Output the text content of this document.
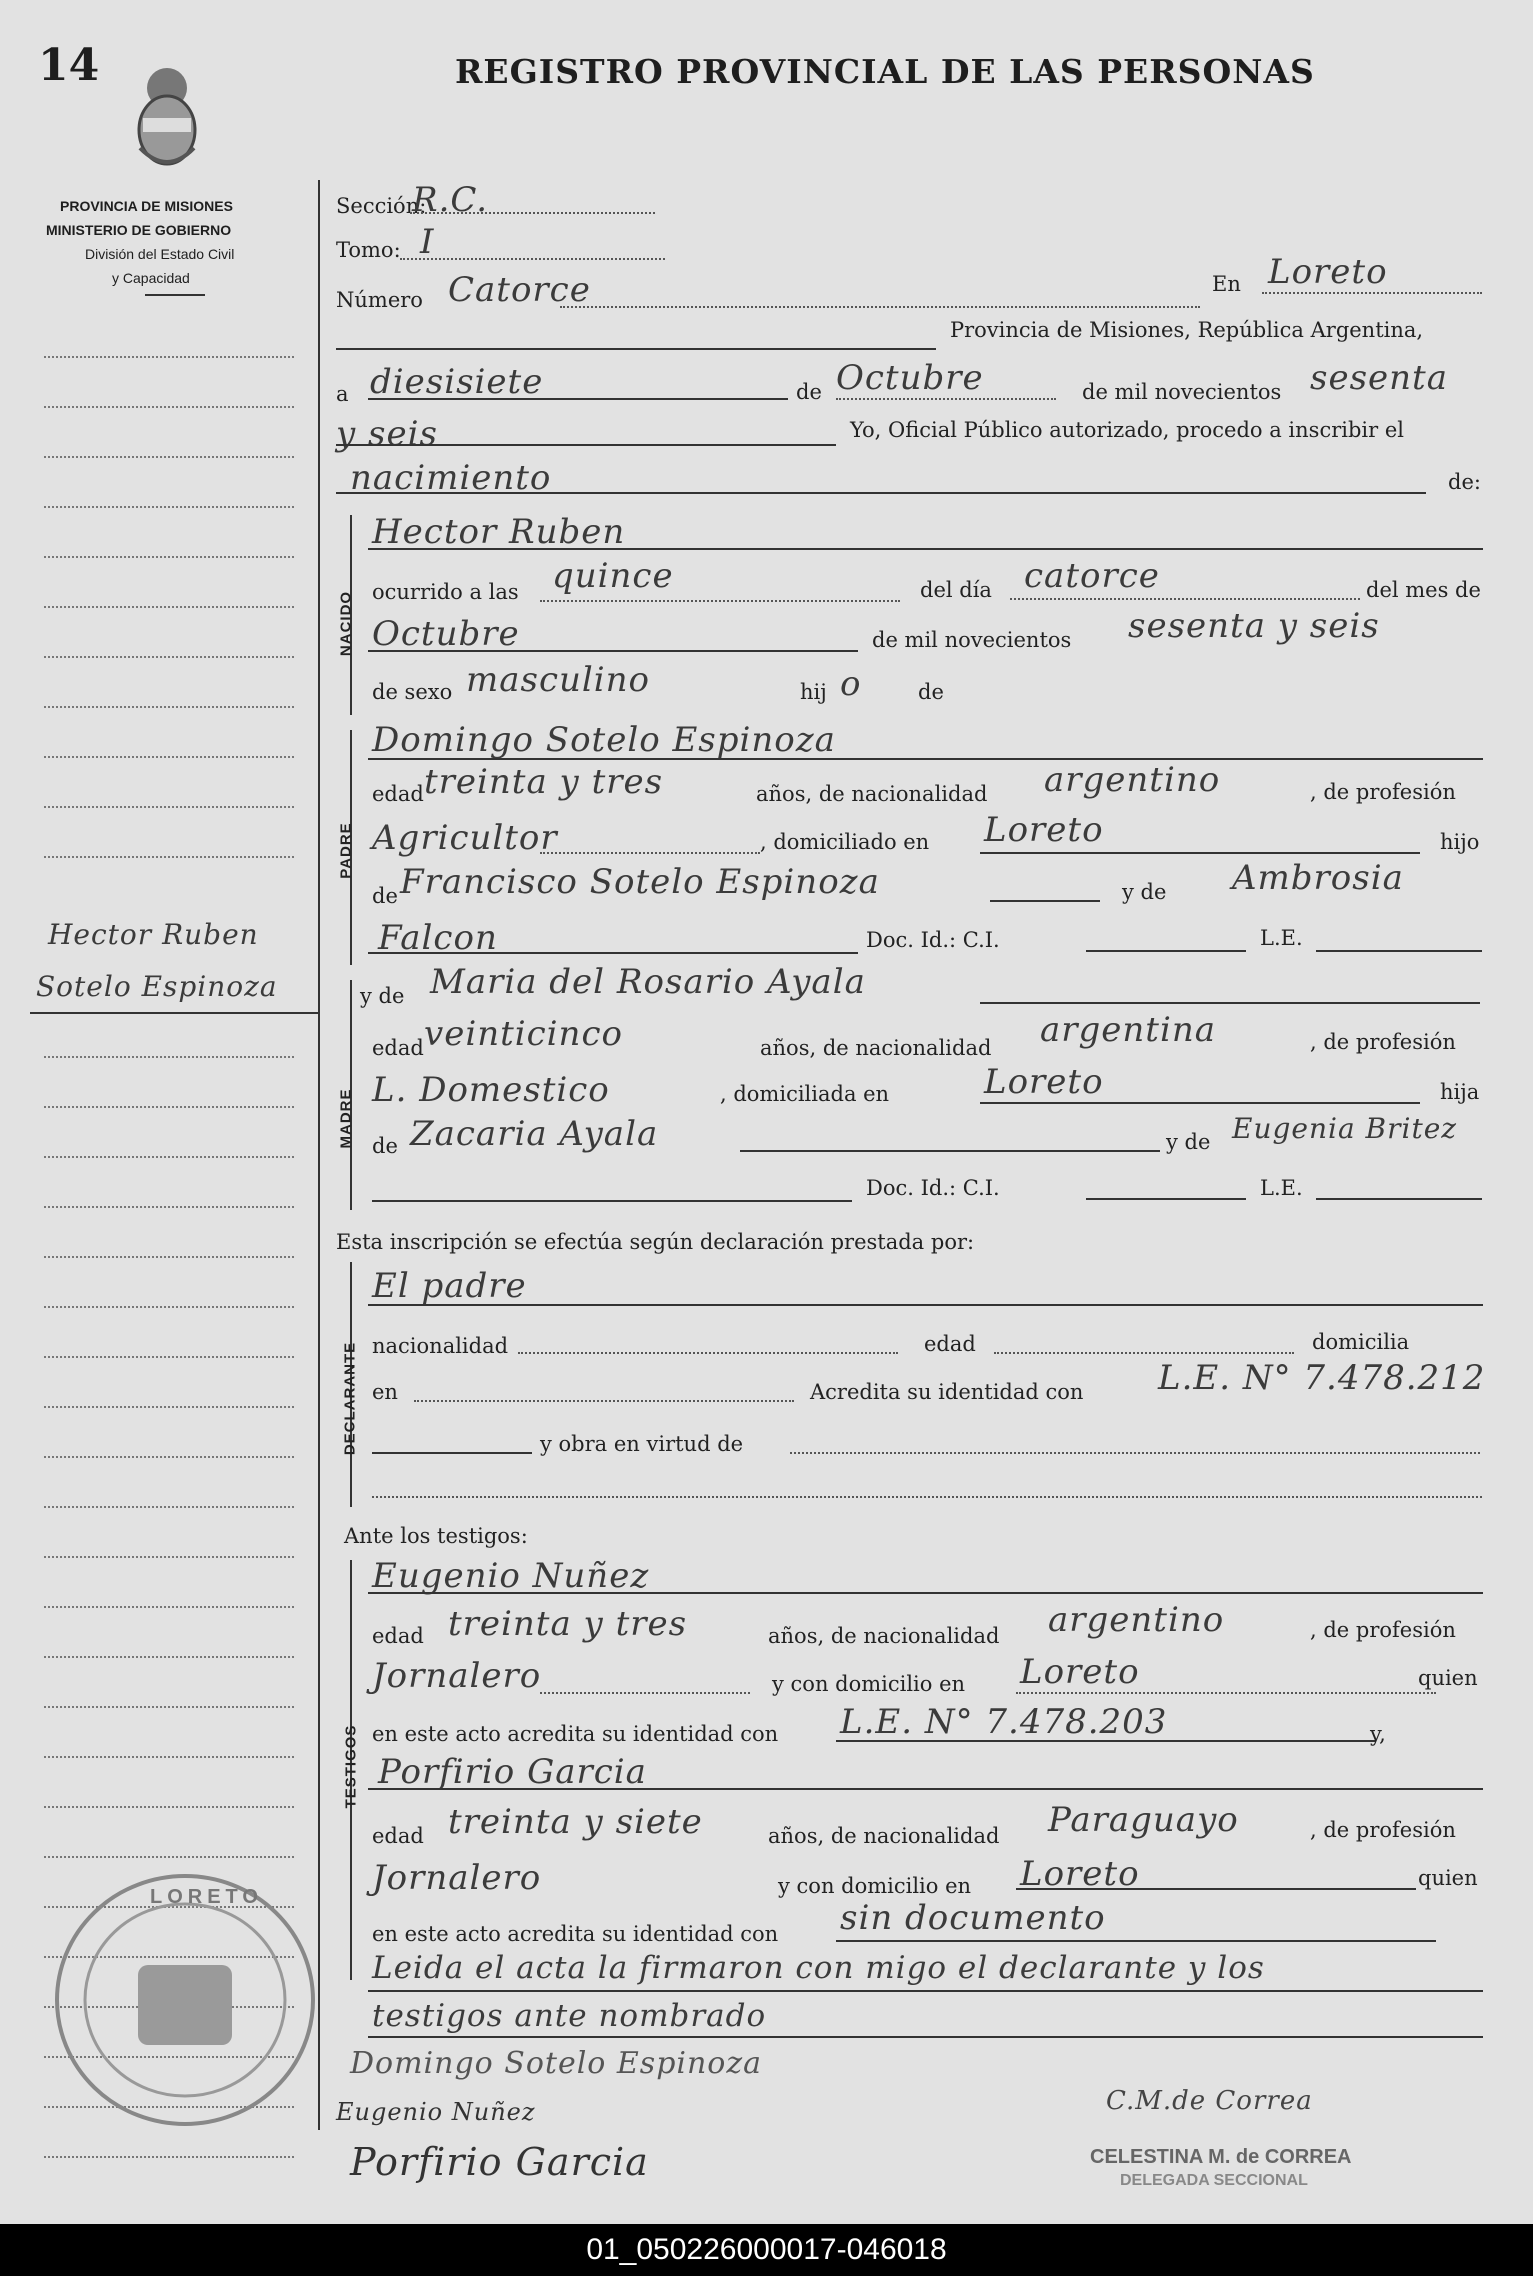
14	REGISTRO PROVINCIAL DE LAS PERSONAS
PROVINCIA DE MISIONES
MINISTERIO DE GOBIERNO
División del Estado Civil
y Capacidad
Hector Ruben
Sotelo Espinoza
Sección:
R.C.
Tomo: I
Número Catorce	En Loreto
Provincia de Misiones, República Argentina,
a diesisiete	de Octubre	de mil novecientos sesenta
y seis	Yo, Oficial Público autorizado, procedo a inscribir el
nacimiento	de:
NACIDO
Hector Ruben
ocurrido a las quince	del día catorce	del mes de
Octubre	de mil novecientos sesenta y seis
de sexo masculino	hij o	de
PADRE
Domingo Sotelo Espinoza
edad treinta y tres	años, de nacionalidad argentino	, de profesión
Agricultor	, domiciliado en Loreto	hijo
de Francisco Sotelo Espinoza	y de Ambrosia
Falcon	Doc. Id.: C.I.	L.E.
MADRE
y de Maria del Rosario Ayala
edad veinticinco	años, de nacionalidad argentina	, de profesión
L. Domestico	, domiciliada en	Loreto	hija
de Zacaria Ayala	y de Eugenia Britez
Doc. Id.: C.I.	L.E.
Esta inscripción se efectúa según declaración prestada por:
DECLARANTE
El padre
nacionalidad	edad	domicilia
en	Acredita su identidad con L.E. N° 7.478.212
y obra en virtud de
Ante los testigos:
TESTIGOS
Eugenio Nuñez
edad treinta y tres	años, de nacionalidad argentino	, de profesión
Jornalero	y con domicilio en Loreto	quien
en este acto acredita su identidad con L.E. N° 7.478.203	y,
Porfirio Garcia
edad treinta y siete	años, de nacionalidad Paraguayo	, de profesión
Jornalero	y con domicilio en Loreto	quien
en este acto acredita su identidad con sin documento
Leida el acta la firmaron con migo el declarante y los
testigos ante nombrado
LORETO
Domingo Sotelo Espinoza
Eugenio Nuñez
Porfirio Garcia
C.M.de Correa
CELESTINA M. de CORREA
DELEGADA SECCIONAL
01_050226000017-046018
